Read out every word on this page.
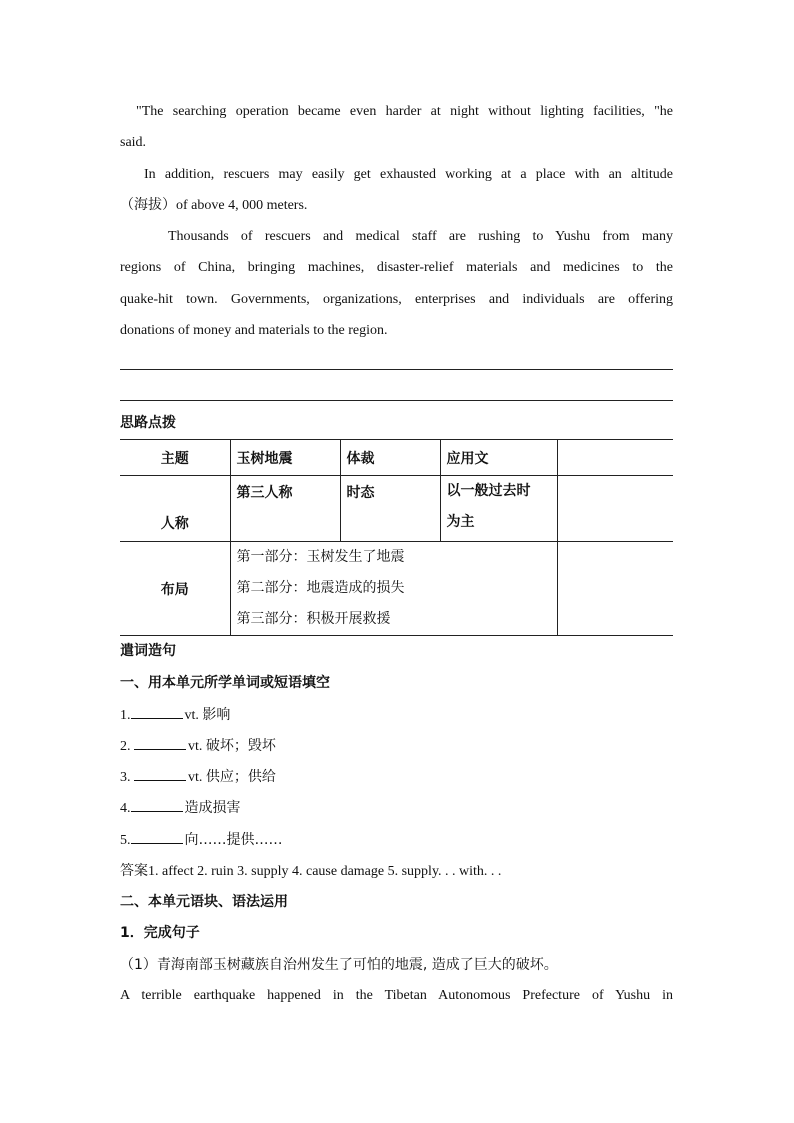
"The searching operation became even harder at night without lighting facilities, "he
said.
In addition, rescuers may easily get exhausted working at a place with an altitude
（海拔）of above 4, 000 meters.
Thousands of rescuers and medical staff are rushing to Yushu from many
regions of China, bringing machines, disaster-relief materials and medicines to the
quake-hit town. Governments, organizations, enterprises and individuals are offering
donations of money and materials to the region.
思路点拨
主题	玉树地震	体裁	应用文	
人称	第三人称	时态	以一般过去时
为主	

布局	第一部分：玉树发生了地震
第二部分：地震造成的损失
第三部分：积极开展救援			

遣词造句
一、用本单元所学单词或短语填空
1.	vt. 影响
2.	vt. 破坏；毁坏
3.	vt. 供应；供给
4.	造成损害
5.	向……提供……
答案1. affect 2. ruin 3. supply 4. cause damage 5. supply. . . with. . .
二、本单元语块、语法运用
1．完成句子
（1）青海南部玉树藏族自治州发生了可怕的地震, 造成了巨大的破坏。
A terrible earthquake happened in the Tibetan Autonomous Prefecture of Yushu in
